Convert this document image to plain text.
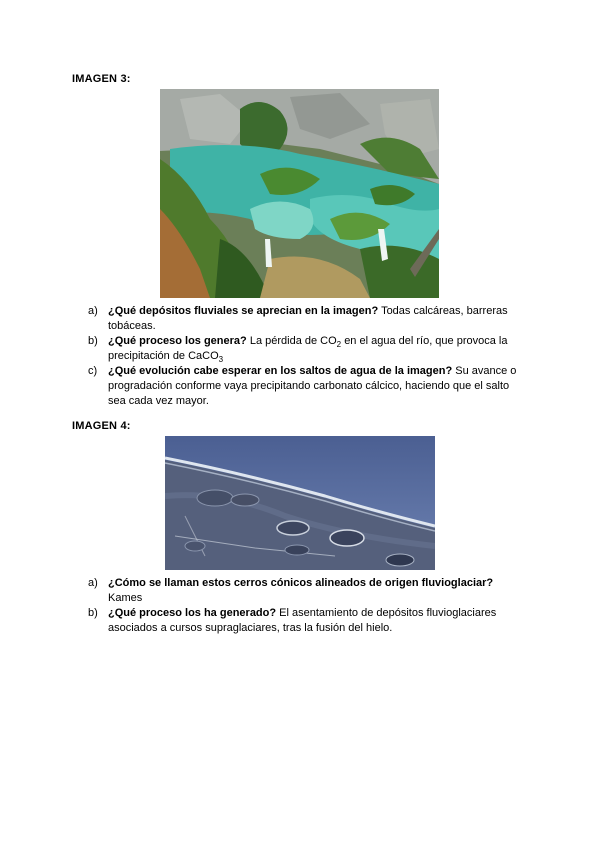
IMAGEN 3:
a) ¿Qué depósitos fluviales se aprecian en la imagen? Todas calcáreas, barreras tobáceas.
b) ¿Qué proceso los genera? La pérdida de $CO_2$ en el agua del río, que provoca la precipitación de CaCO$_3$
c) ¿Qué evolución cabe esperar en los saltos de agua de la imagen? Su avance o progradación conforme vaya precipitando carbonato cálcico, haciendo que el salto sea cada vez mayor.
IMAGEN 4:
a) ¿Cómo se llaman estos cerros cónicos alineados de origen fluvioglaciar?
Kames
b) ¿Qué proceso los ha generado? El asentamiento de depósitos fluvioglaciares asociados a cursos supraglaciares, tras la fusión del hielo.
